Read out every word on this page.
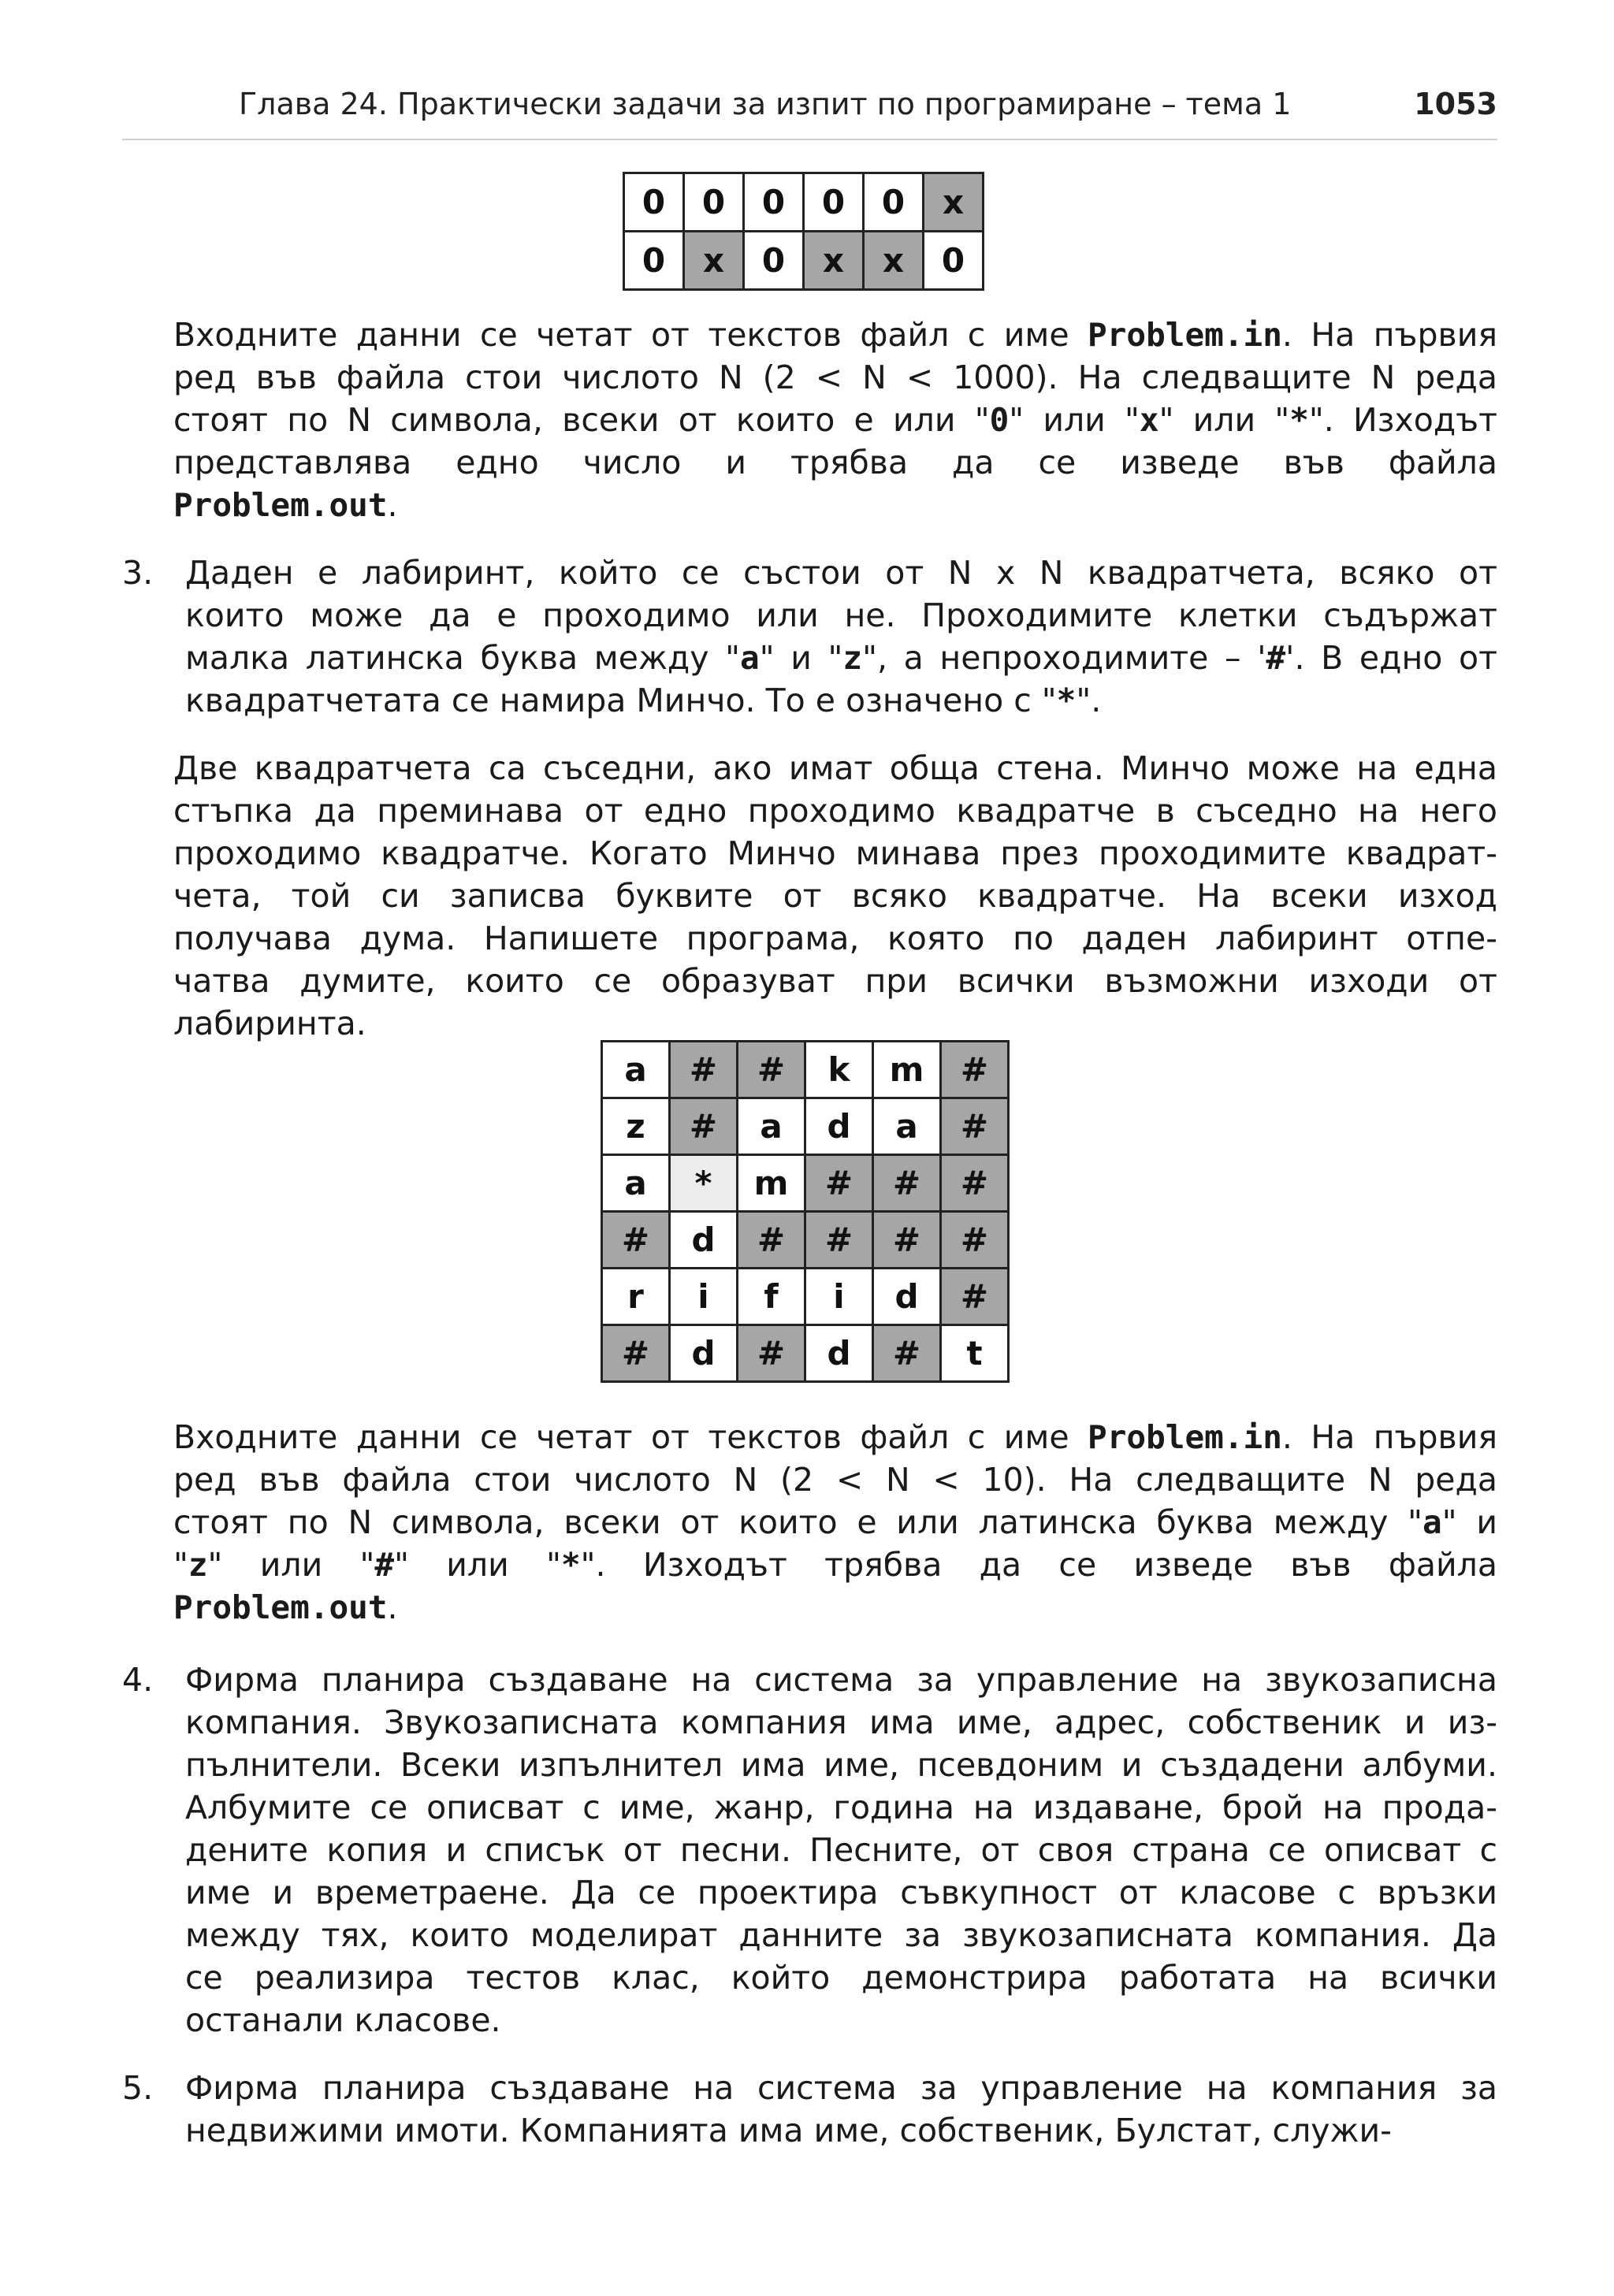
Глава 24. Практически задачи за изпит по програмиране – тема 1	1053
0	0	0	0	0	x
0	x	0	x	x	0
Входните данни се четат от текстов файл с име Problem.in. На първия
ред във файла стои числото N (2 < N < 1000). На следващите N реда
стоят по N символа, всеки от които е или "0" или "x" или "*". Изходът
представлява едно число и трябва да се изведе във файла
Problem.out.
3. Даден е лабиринт, който се състои от N x N квадратчета, всяко от
които може да е проходимо или не. Проходимите клетки съдържат
малка латинска буква между "a" и "z", а непроходимите – '#'. В едно от
квадратчетата се намира Минчо. То е означено с "*".
Две квадратчета са съседни, ако имат обща стена. Минчо може на една
стъпка да преминава от едно проходимо квадратче в съседно на него
проходимо квадратче. Когато Минчо минава през проходимите квадрат-
чета, той си записва буквите от всяко квадратче. На всеки изход
получава дума. Напишете програма, която по даден лабиринт отпе-
чатва думите, които се образуват при всички възможни изходи от
лабиринта.
a	#	#	k	m	#
z	#	a	d	a	#
a	*	m	#	#	#
#	d	#	#	#	#
r	i	f	i	d	#
#	d	#	d	#	t
Входните данни се четат от текстов файл с име Problem.in. На първия
ред във файла стои числото N (2 < N < 10). На следващите N реда
стоят по N символа, всеки от които е или латинска буква между "a" и
"z" или "#" или "*". Изходът трябва да се изведе във файла
Problem.out.
4. Фирма планира създаване на система за управление на звукозаписна
компания. Звукозаписната компания има име, адрес, собственик и из-
пълнители. Всеки изпълнител има име, псевдоним и създадени албуми.
Албумите се описват с име, жанр, година на издаване, брой на прода-
дените копия и списък от песни. Песните, от своя страна се описват с
име и времетраене. Да се проектира съвкупност от класове с връзки
между тях, които моделират данните за звукозаписната компания. Да
се реализира тестов клас, който демонстрира работата на всички
останали класове.
5. Фирма планира създаване на система за управление на компания за
недвижими имоти. Компанията има име, собственик, Булстат, служи-
